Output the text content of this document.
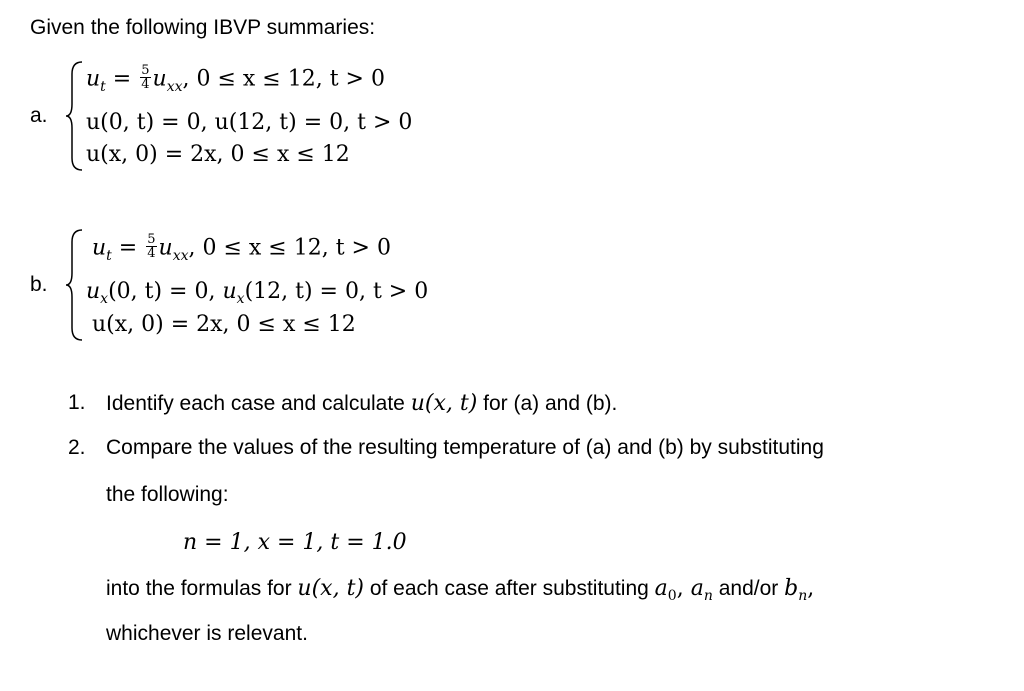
Given the following IBVP summaries:
a.
$u_t = \frac{5}{4} u_{xx}$, 0 ≤ x ≤ 12, t > 0
u(0, t) = 0, u(12, t) = 0, t > 0
u(x, 0) = 2x, 0 ≤ x ≤ 12
b.
$u_t = \frac{5}{4} u_{xx}$, 0 ≤ x ≤ 12, t > 0
$u_x(0$, t) = 0, $u_x(12$, t) = 0, t > 0
u(x, 0) = 2x, 0 ≤ x ≤ 12
1. Identify each case and calculate u(x, t) for (a) and (b).
2. Compare the values of the resulting temperature of (a) and (b) by substituting
the following:
n = 1, x = 1, t = 1.0
into the formulas for u(x, t) of each case after substituting $a_0$, $a_n$ and/or $b_n$,
whichever is relevant.
